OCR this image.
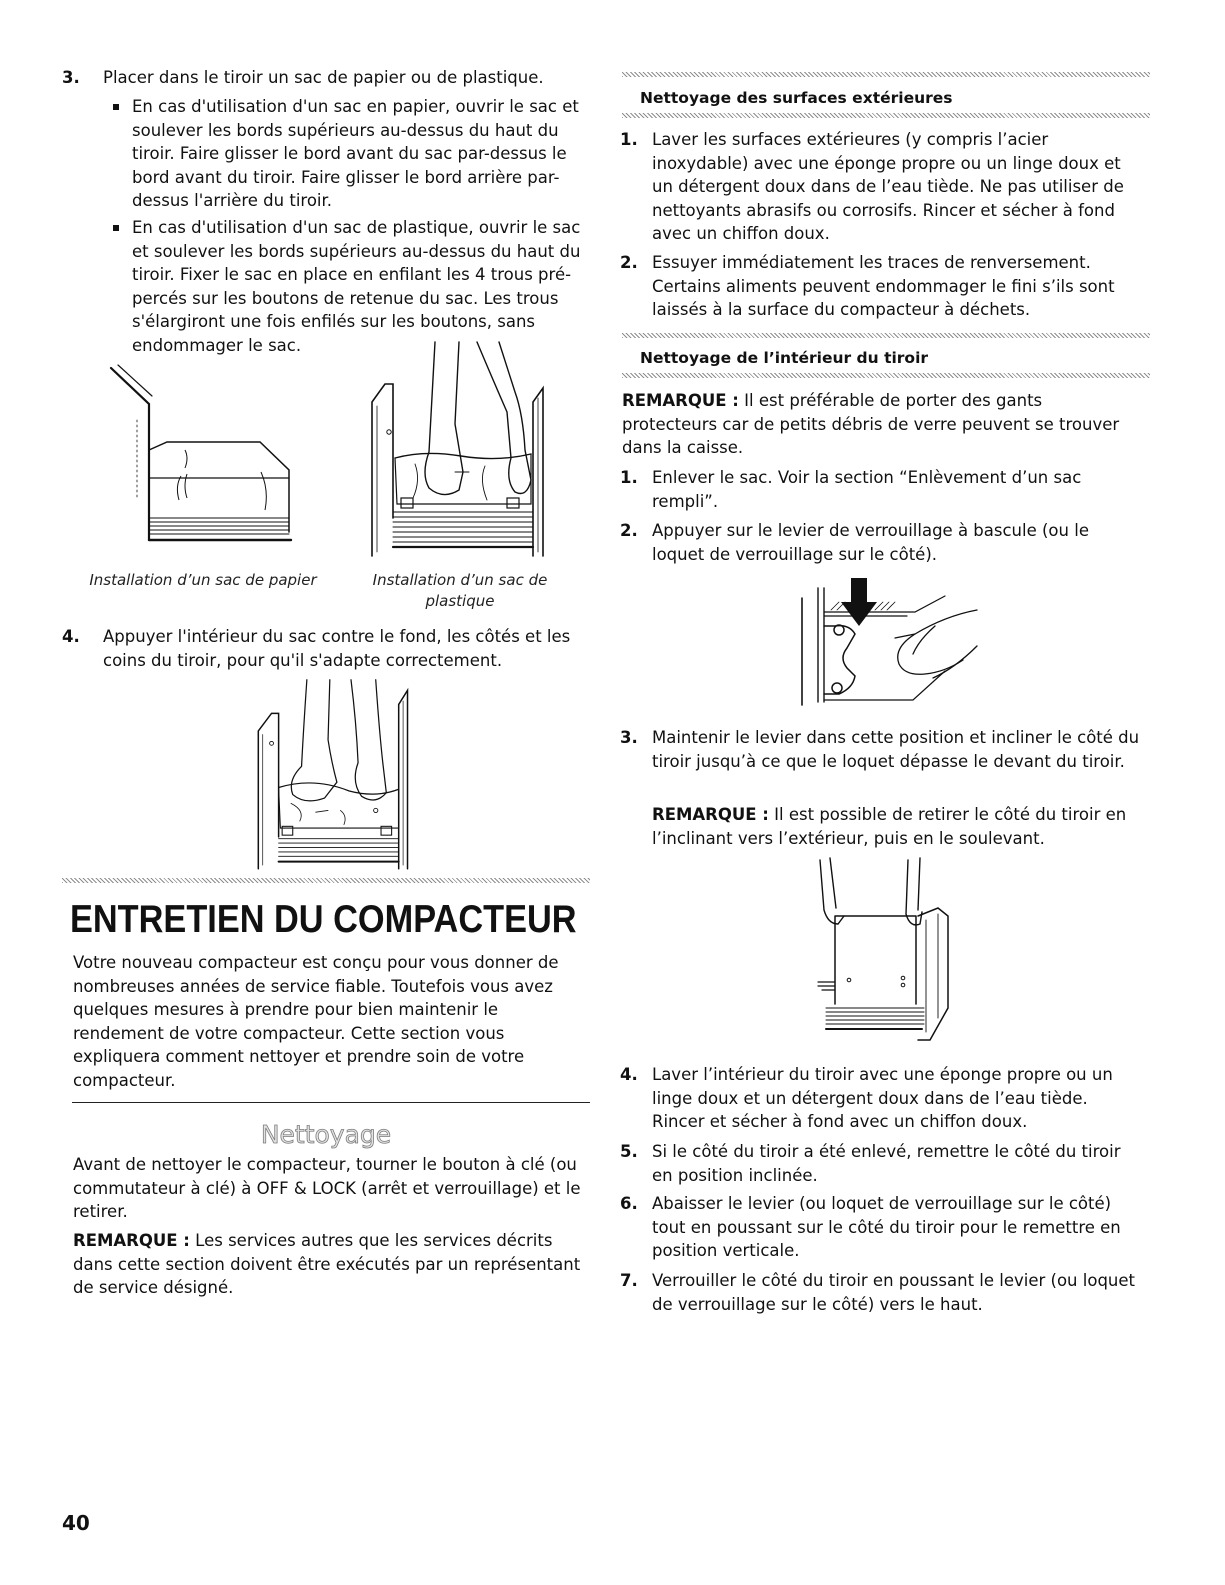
3. Placer dans le tiroir un sac de papier ou de plastique.
En cas d'utilisation d'un sac en papier, ouvrir le sac et soulever les bords supérieurs au-dessus du haut du tiroir. Faire glisser le bord avant du sac par-dessus le bord avant du tiroir. Faire glisser le bord arrière par-dessus l'arrière du tiroir.
En cas d'utilisation d'un sac de plastique, ouvrir le sac et soulever les bords supérieurs au-dessus du haut du tiroir. Fixer le sac en place en enfilant les 4 trous pré-percés sur les boutons de retenue du sac. Les trous s'élargiront une fois enfilés sur les boutons, sans endommager le sac.
Installation d’un sac de papier	Installation d’un sac de plastique
4. Appuyer l'intérieur du sac contre le fond, les côtés et les coins du tiroir, pour qu'il s'adapte correctement.
ENTRETIEN DU COMPACTEUR
Votre nouveau compacteur est conçu pour vous donner de nombreuses années de service fiable. Toutefois vous avez quelques mesures à prendre pour bien maintenir le rendement de votre compacteur. Cette section vous expliquera comment nettoyer et prendre soin de votre compacteur.
Nettoyage
Avant de nettoyer le compacteur, tourner le bouton à clé (ou commutateur à clé) à OFF & LOCK (arrêt et verrouillage) et le retirer.
REMARQUE : Les services autres que les services décrits dans cette section doivent être exécutés par un représentant de service désigné.
40
Nettoyage des surfaces extérieures
1. Laver les surfaces extérieures (y compris l’acier inoxydable) avec une éponge propre ou un linge doux et un détergent doux dans de l’eau tiède. Ne pas utiliser de nettoyants abrasifs ou corrosifs. Rincer et sécher à fond avec un chiffon doux.
2. Essuyer immédiatement les traces de renversement. Certains aliments peuvent endommager le fini s’ils sont laissés à la surface du compacteur à déchets.
Nettoyage de l’intérieur du tiroir
REMARQUE : Il est préférable de porter des gants protecteurs car de petits débris de verre peuvent se trouver dans la caisse.
1. Enlever le sac. Voir la section “Enlèvement d’un sac rempli”.
2. Appuyer sur le levier de verrouillage à bascule (ou le loquet de verrouillage sur le côté).
3. Maintenir le levier dans cette position et incliner le côté du tiroir jusqu’à ce que le loquet dépasse le devant du tiroir.
REMARQUE : Il est possible de retirer le côté du tiroir en l’inclinant vers l’extérieur, puis en le soulevant.
4. Laver l’intérieur du tiroir avec une éponge propre ou un linge doux et un détergent doux dans de l’eau tiède. Rincer et sécher à fond avec un chiffon doux.
5. Si le côté du tiroir a été enlevé, remettre le côté du tiroir en position inclinée.
6. Abaisser le levier (ou loquet de verrouillage sur le côté) tout en poussant sur le côté du tiroir pour le remettre en position verticale.
7. Verrouiller le côté du tiroir en poussant le levier (ou loquet de verrouillage sur le côté) vers le haut.
